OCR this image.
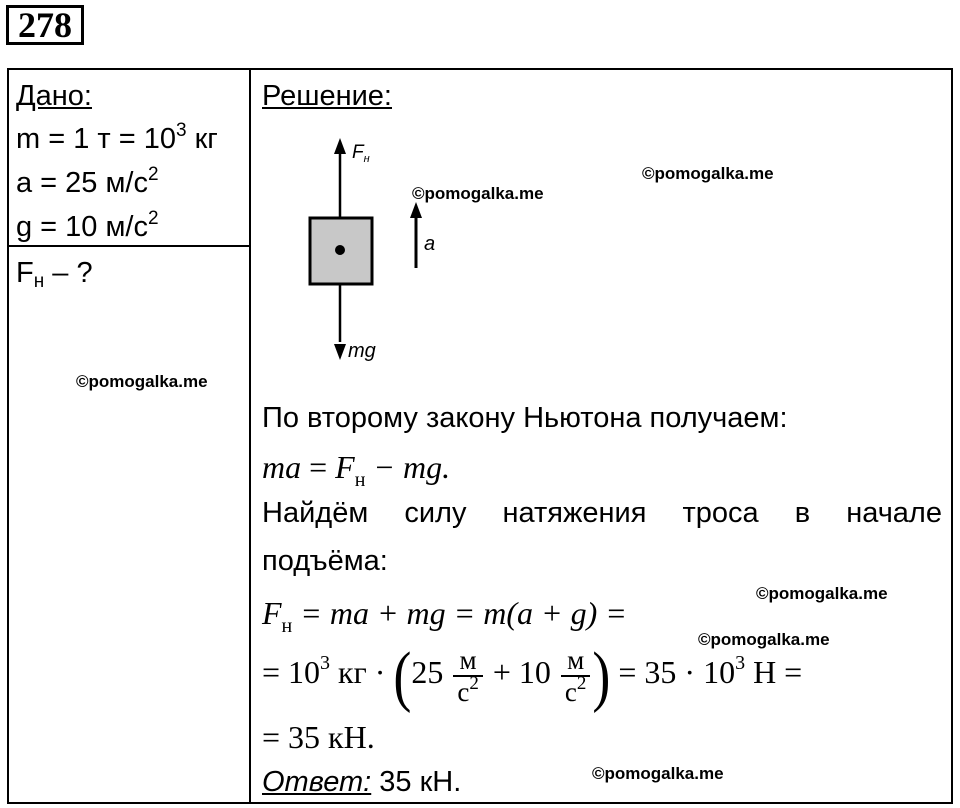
278
Дано:
m = 1 $т = 10^3$ кг
a = 25 $м/с^2$
g = 10 $м/с^2$
Fн – ?
Решение:
$F_н$
a
mg
По второму закону Ньютона получаем:
ma = $F_н$ − mg.
Найдём силу натяжения троса в начале
подъёма:
$F_н$ = ma + mg = m(a + g) =
= $10^3$ кг · ($25 \frac{м}{с^2} + 10 \frac{м}{с^2}$ ) = $35 \cdot 10^3$ Н =
= 35 кН.
Ответ: 35 кН.
©pomogalka.me
©pomogalka.me
©pomogalka.me
©pomogalka.me
©pomogalka.me
©pomogalka.me
